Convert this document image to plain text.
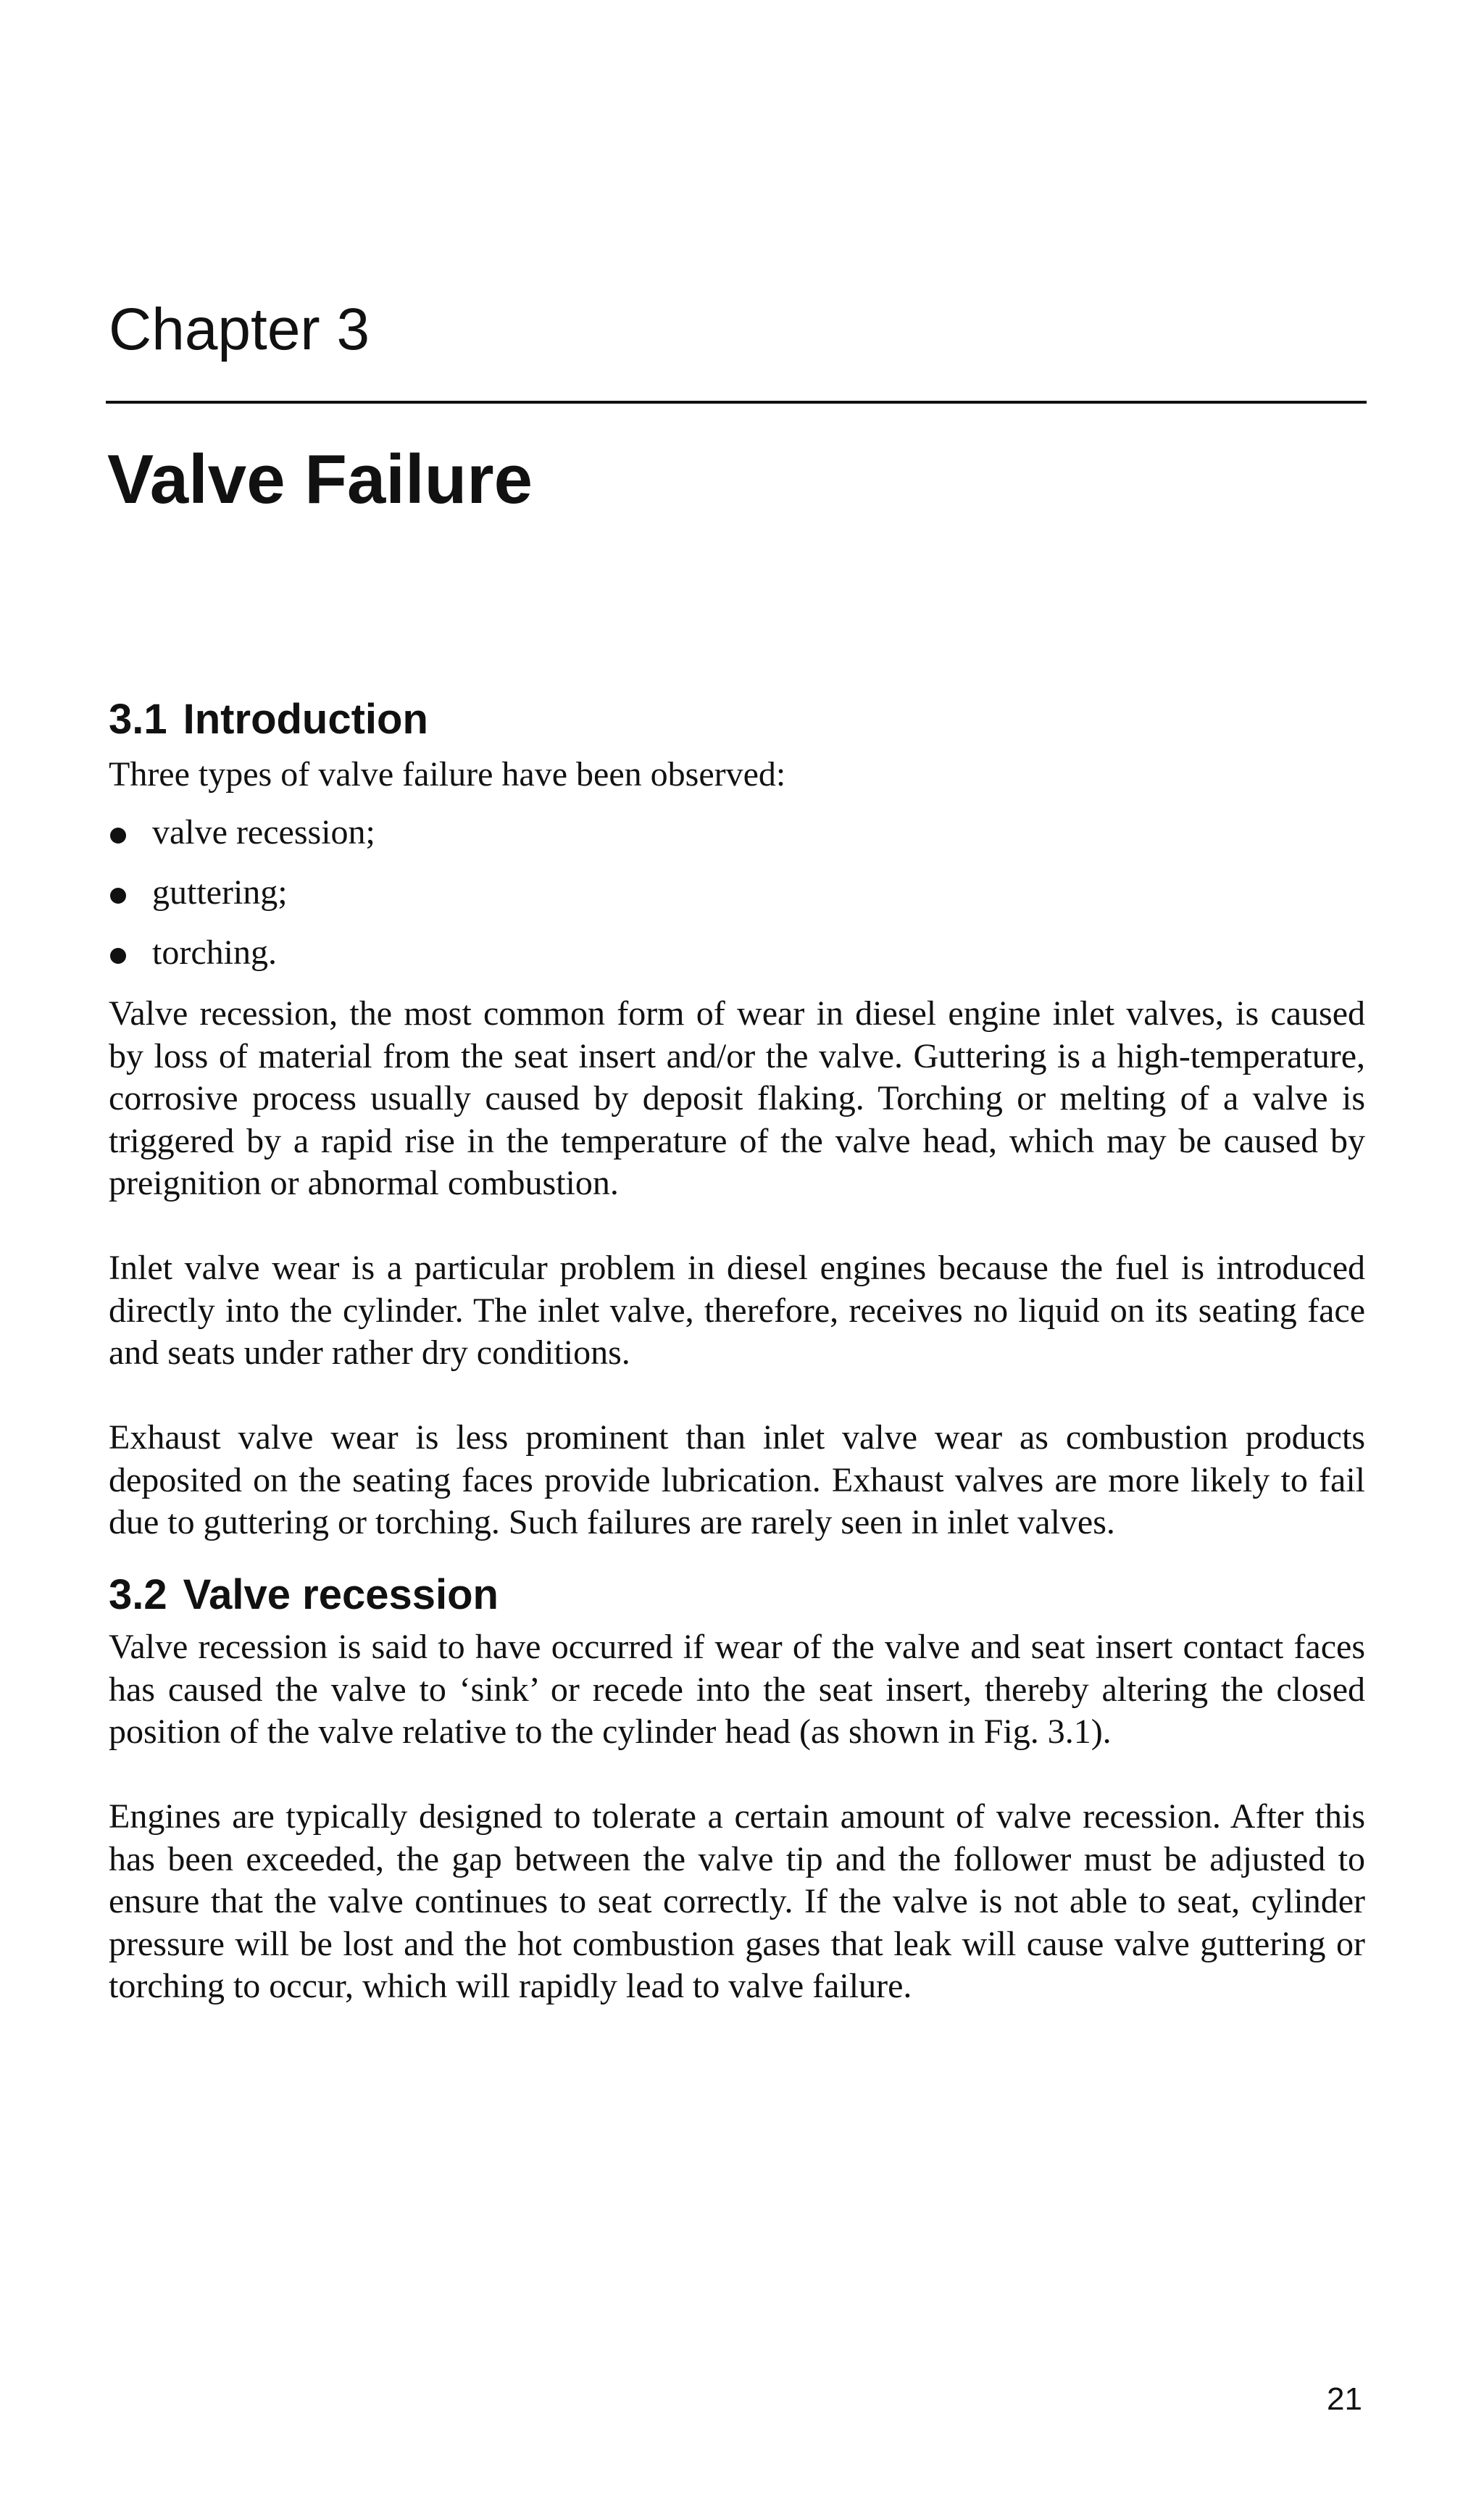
Chapter 3
Valve Failure
3.1 Introduction

Three types of valve failure have been observed:

valve recession;
guttering;
torching.

Valve recession, the most common form of wear in diesel engine inlet valves, is caused by loss of material from the seat insert and/or the valve. Guttering is a high-temperature, corrosive process usually caused by deposit flaking. Torching or melting of a valve is triggered by a rapid rise in the temperature of the valve head, which may be caused by preignition or abnormal combustion.

Inlet valve wear is a particular problem in diesel engines because the fuel is introduced directly into the cylinder. The inlet valve, therefore, receives no liquid on its seating face and seats under rather dry conditions.

Exhaust valve wear is less prominent than inlet valve wear as combustion products deposited on the seating faces provide lubrication. Exhaust valves are more likely to fail due to guttering or torching. Such failures are rarely seen in inlet valves.

3.2 Valve recession

Valve recession is said to have occurred if wear of the valve and seat insert contact faces has caused the valve to ‘sink’ or recede into the seat insert, thereby altering the closed position of the valve relative to the cylinder head (as shown in Fig. 3.1).

Engines are typically designed to tolerate a certain amount of valve recession. After this has been exceeded, the gap between the valve tip and the follower must be adjusted to ensure that the valve continues to seat correctly. If the valve is not able to seat, cylinder pressure will be lost and the hot combustion gases that leak will cause valve guttering or torching to occur, which will rapidly lead to valve failure.

21
